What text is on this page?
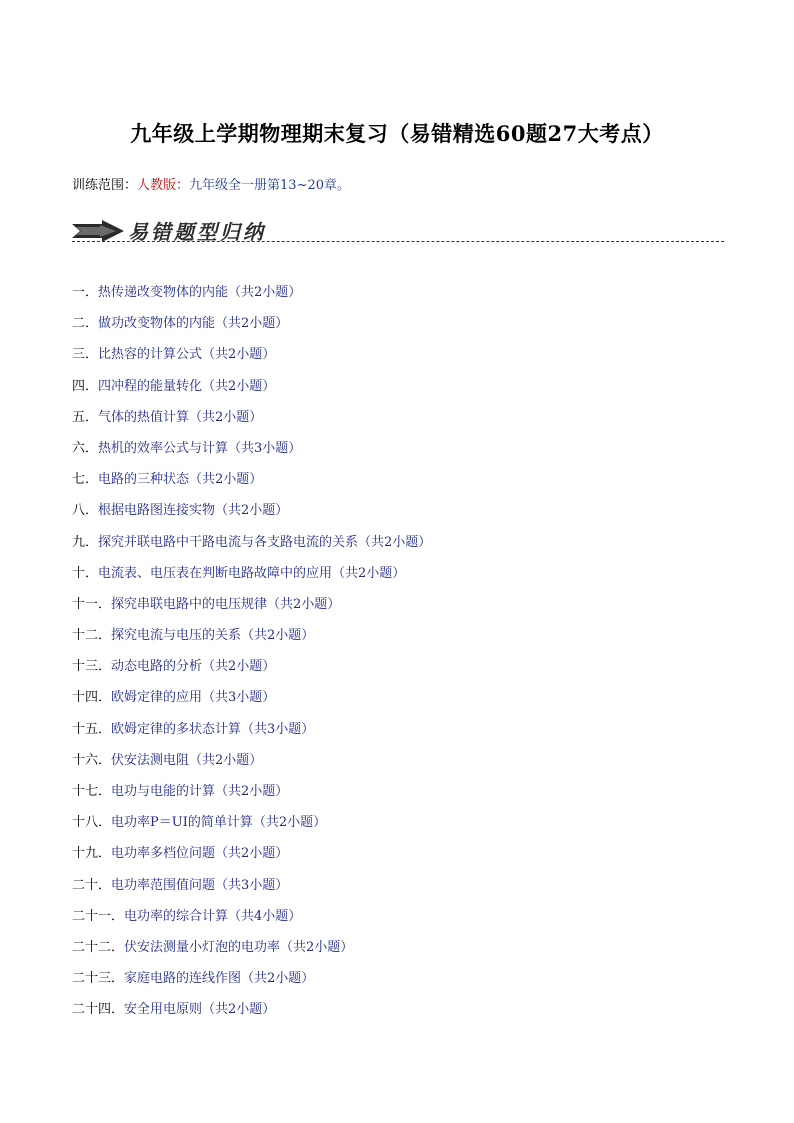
九年级上学期物理期末复习（易错精选60题27大考点）
训练范围：人教版：九年级全一册第13~20章。
易错题型归纳
一．热传递改变物体的内能（共2小题）
二．做功改变物体的内能（共2小题）
三．比热容的计算公式（共2小题）
四．四冲程的能量转化（共2小题）
五．气体的热值计算（共2小题）
六．热机的效率公式与计算（共3小题）
七．电路的三种状态（共2小题）
八．根据电路图连接实物（共2小题）
九．探究并联电路中干路电流与各支路电流的关系（共2小题）
十．电流表、电压表在判断电路故障中的应用（共2小题）
十一．探究串联电路中的电压规律（共2小题）
十二．探究电流与电压的关系（共2小题）
十三．动态电路的分析（共2小题）
十四．欧姆定律的应用（共3小题）
十五．欧姆定律的多状态计算（共3小题）
十六．伏安法测电阻（共2小题）
十七．电功与电能的计算（共2小题）
十八．电功率P＝UI的简单计算（共2小题）
十九．电功率多档位问题（共2小题）
二十．电功率范围值问题（共3小题）
二十一．电功率的综合计算（共4小题）
二十二．伏安法测量小灯泡的电功率（共2小题）
二十三．家庭电路的连线作图（共2小题）
二十四．安全用电原则（共2小题）
